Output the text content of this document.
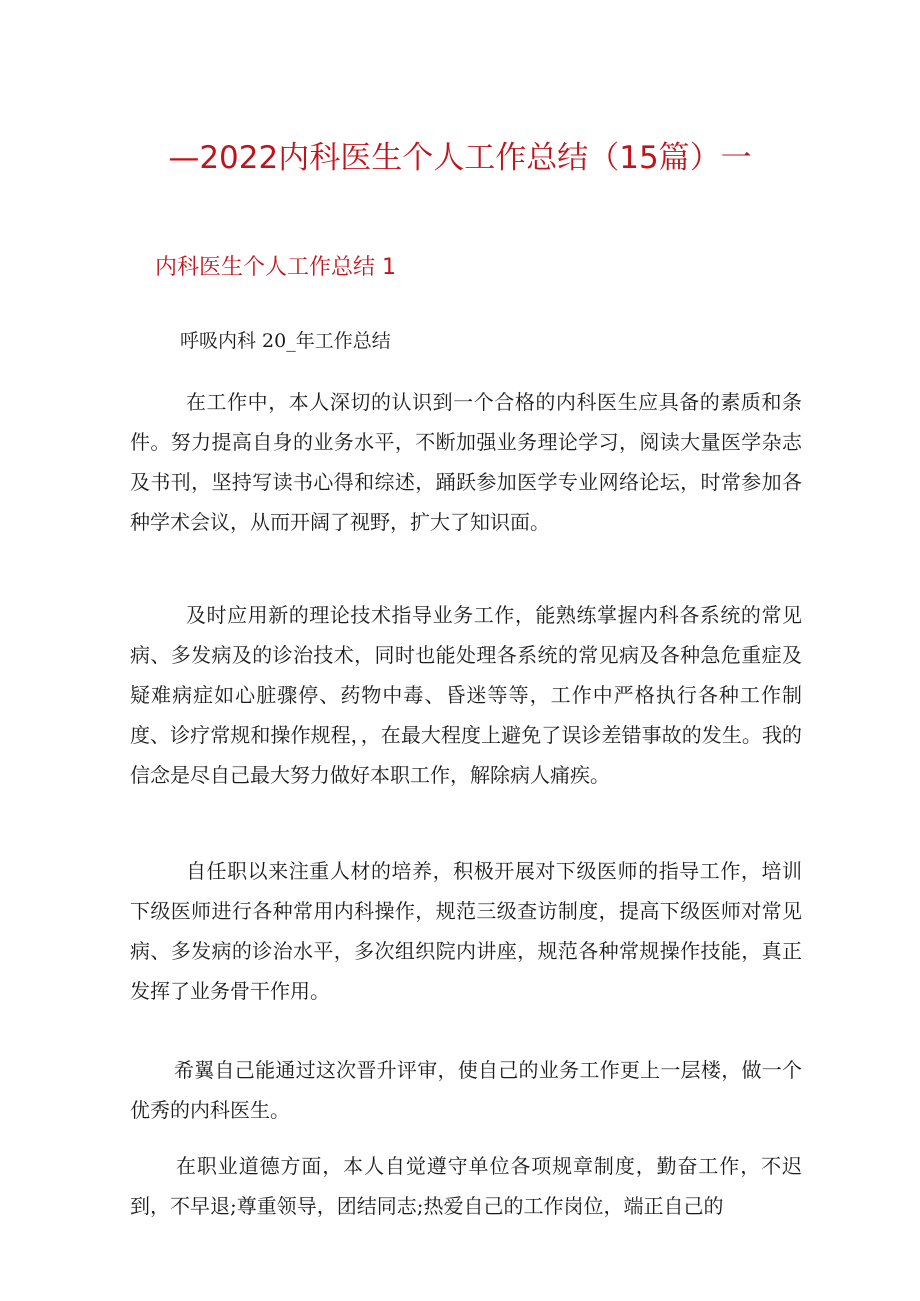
—2022内科医生个人工作总结（15篇）一
内科医生个人工作总结 1

呼吸内科 20_年工作总结

在工作中，本人深切的认识到一个合格的内科医生应具备的素质和条件。努力提高自身的业务水平，不断加强业务理论学习，阅读大量医学杂志及书刊，坚持写读书心得和综述，踊跃参加医学专业网络论坛，时常参加各种学术会议，从而开阔了视野，扩大了知识面。

及时应用新的理论技术指导业务工作，能熟练掌握内科各系统的常见病、多发病及的诊治技术，同时也能处理各系统的常见病及各种急危重症及疑难病症如心脏骤停、药物中毒、昏迷等等，工作中严格执行各种工作制度、诊疗常规和操作规程，，在最大程度上避免了误诊差错事故的发生。我的信念是尽自己最大努力做好本职工作，解除病人痛疾。

自任职以来注重人材的培养，积极开展对下级医师的指导工作，培训下级医师进行各种常用内科操作，规范三级查访制度，提高下级医师对常见病、多发病的诊治水平，多次组织院内讲座，规范各种常规操作技能，真正发挥了业务骨干作用。

希翼自己能通过这次晋升评审，使自己的业务工作更上一层楼，做一个优秀的内科医生。

在职业道德方面，本人自觉遵守单位各项规章制度，勤奋工作，不迟到，不早退;尊重领导，团结同志;热爱自己的工作岗位，端正自己的
